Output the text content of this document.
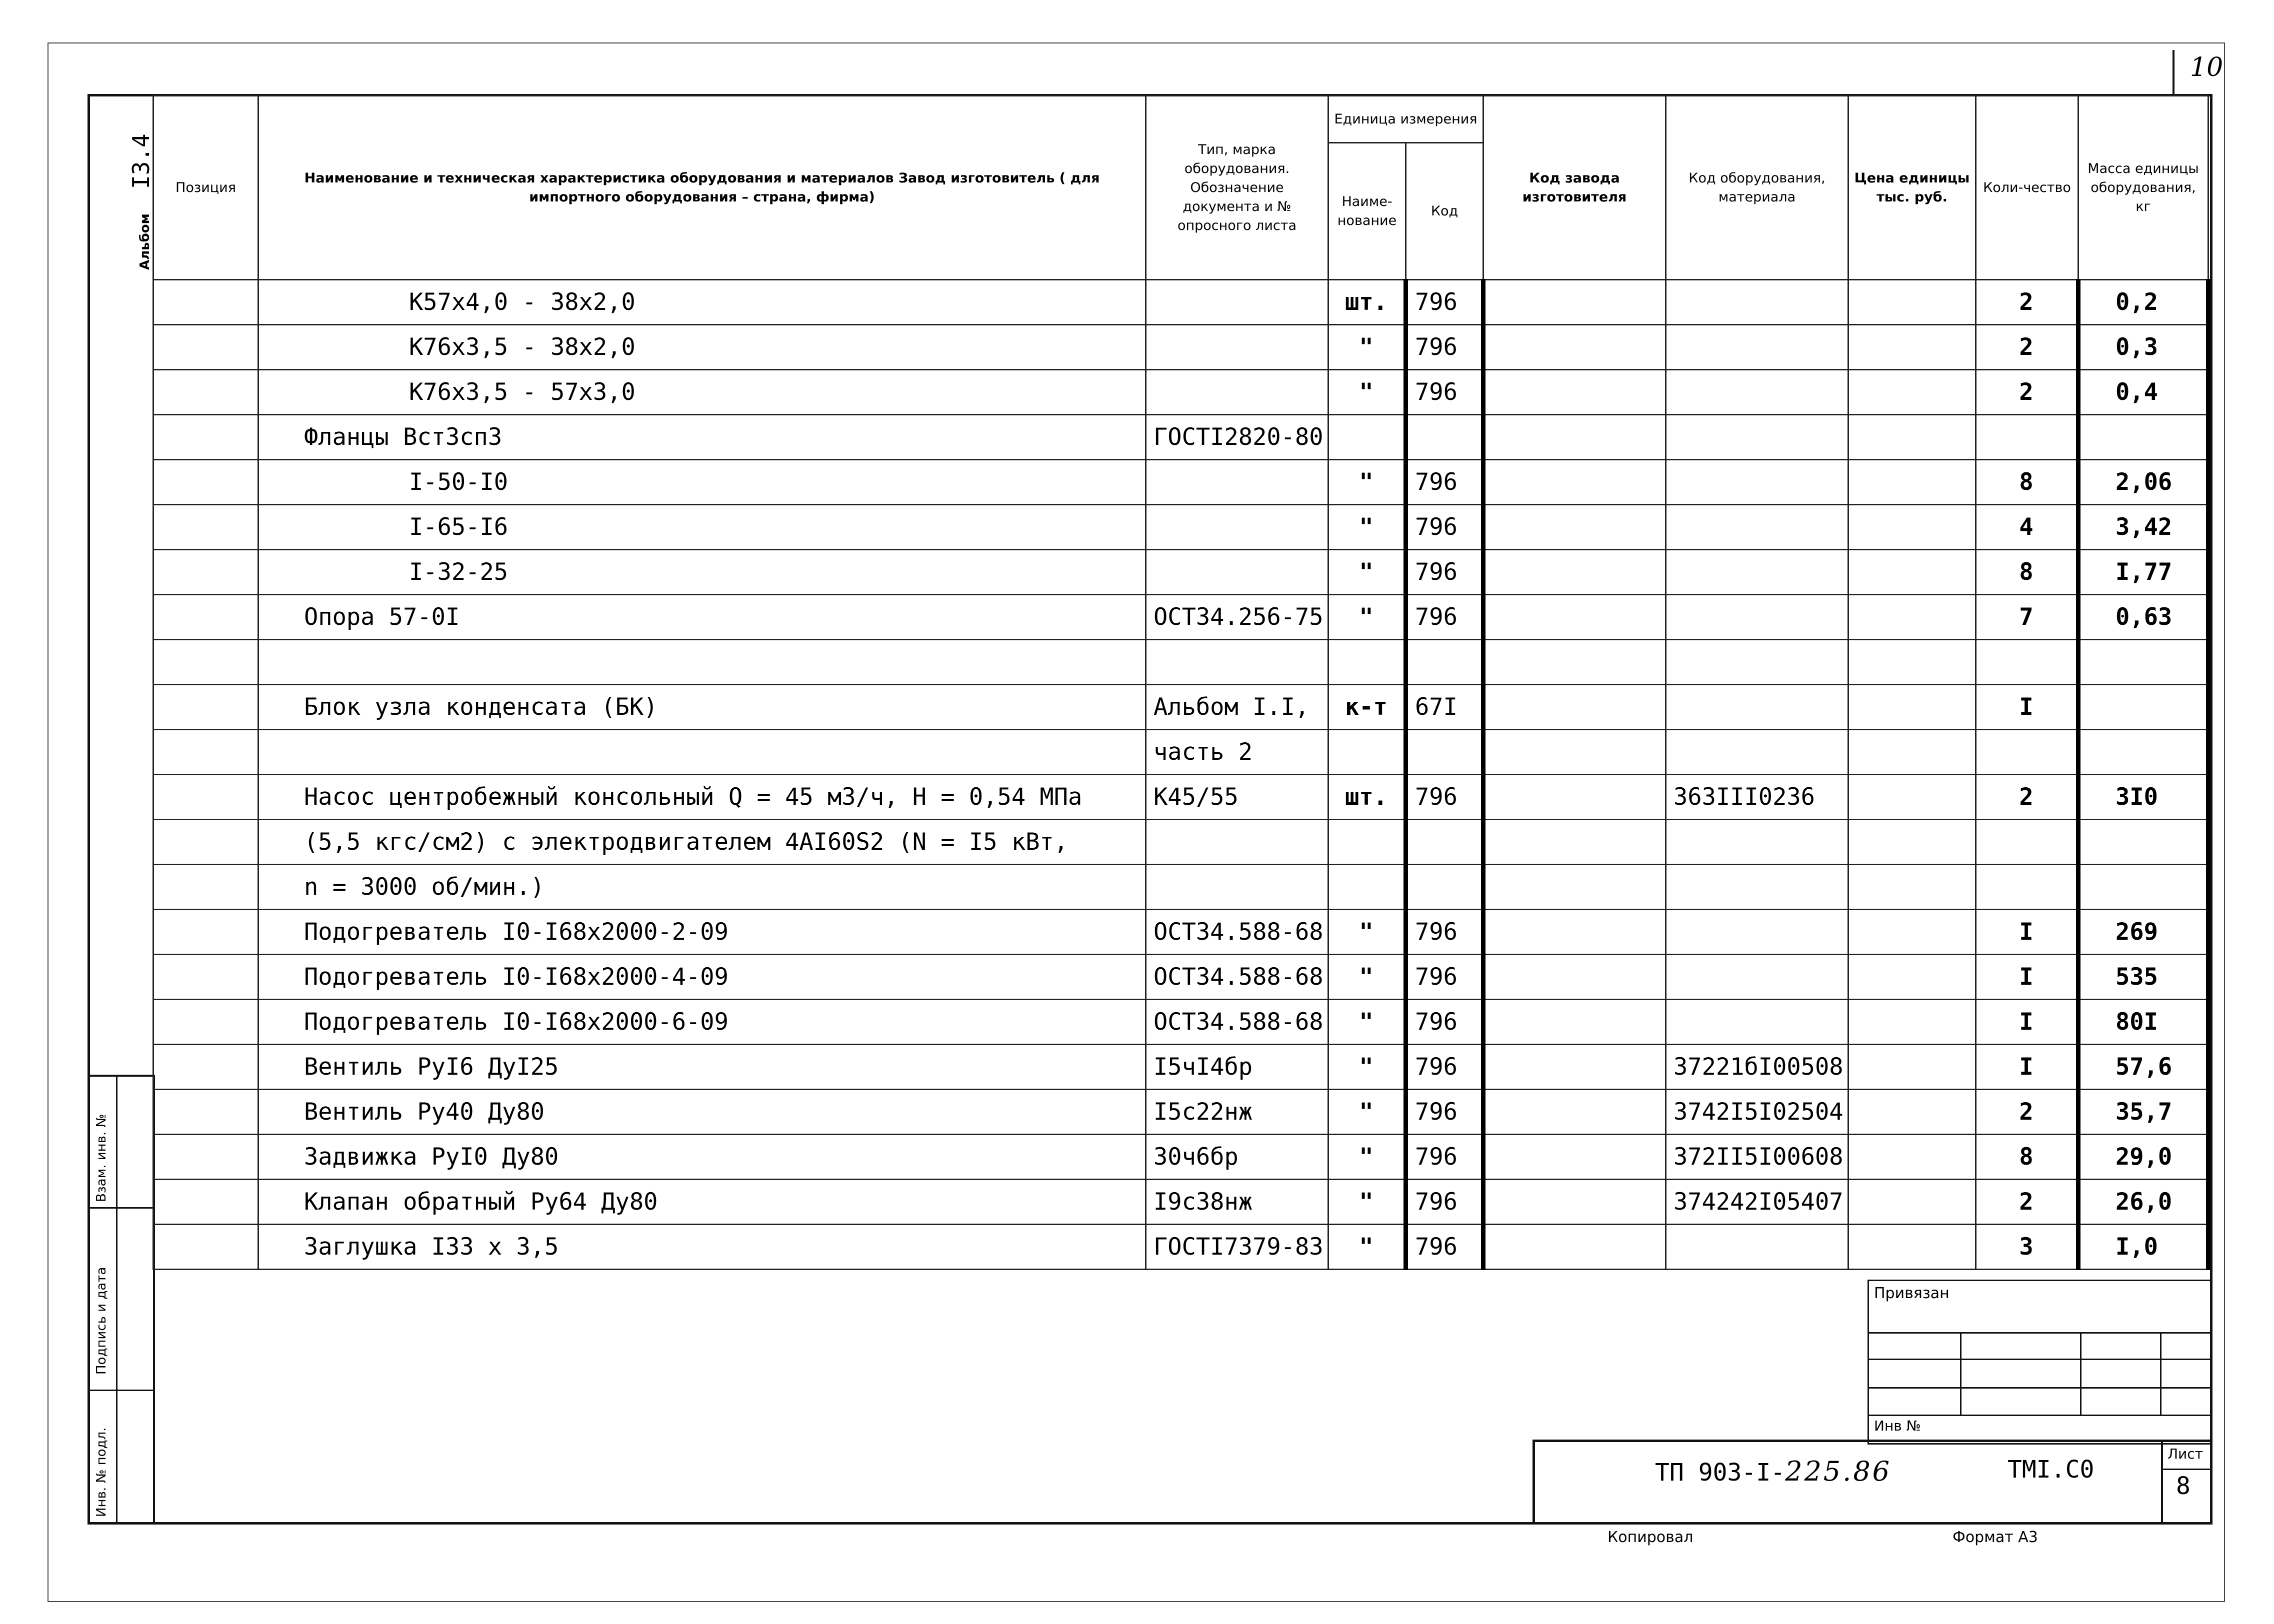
10
Альбом I3.4
Взам. инв. №
Подпись и дата
Инв. № подл.
Позиция	Наименование и техническая характеристика оборудования и материалов Завод изготовитель ( для импортного оборудования – страна, фирма)	Тип, марка оборудования. Обозначение документа и № опросного листа	Единица измерения		Код завода изготовителя	Код оборудования, материала	Цена единицы тыс. руб.	Коли-чество	Масса единицы оборудования, кг
			Наиме-нование	Код					
	К57х4,0 - 38х2,0		шт.	796				2	0,2
	К76х3,5 - 38х2,0		"	796				2	0,3
	К76х3,5 - 57х3,0		"	796				2	0,4
	Фланцы ВстЗсп3	ГОСТI2820-80							
	I-50-I0		"	796				8	2,06
	I-65-I6		"	796				4	3,42
	I-32-25		"	796				8	I,77
	Опора 57-0I	ОСТ34.256-75	"	796				7	0,63

	Блок узла конденсата (БК)	Альбом I.I,	к-т	67I				I	
		часть 2							
	Насос центробежный консольный Q = 45 м3/ч, H = 0,54 МПа	К45/55	шт.	796		363III0236		2	3I0
	(5,5 кгс/см2) с электродвигателем 4АI60S2 (N = I5 кВт,								
	n = 3000 об/мин.)								
	Подогреватель I0-I68х2000-2-09	ОСТ34.588-68	"	796				I	269
	Подогреватель I0-I68х2000-4-09	ОСТ34.588-68	"	796				I	535
	Подогреватель I0-I68х2000-6-09	ОСТ34.588-68	"	796				I	80I
	Вентиль РуI6 ДуI25	I5чI4бр	"	796		37221бI00508		I	57,6
	Вентиль Ру40 Ду80	I5с22нж	"	796		3742I5I02504		2	35,7
	Задвижка РуI0 Ду80	30ч6бр	"	796		372II5I00608		8	29,0
	Клапан обратный Ру64 Ду80	I9с38нж	"	796		374242I05407		2	26,0
	Заглушка I33 х 3,5	ГОСТI7379-83	"	796				3	I,0
Привязан
Инв №
ТП 903-I-225.86	ТМI.С0
Лист
8
Копировал	Формат А3
